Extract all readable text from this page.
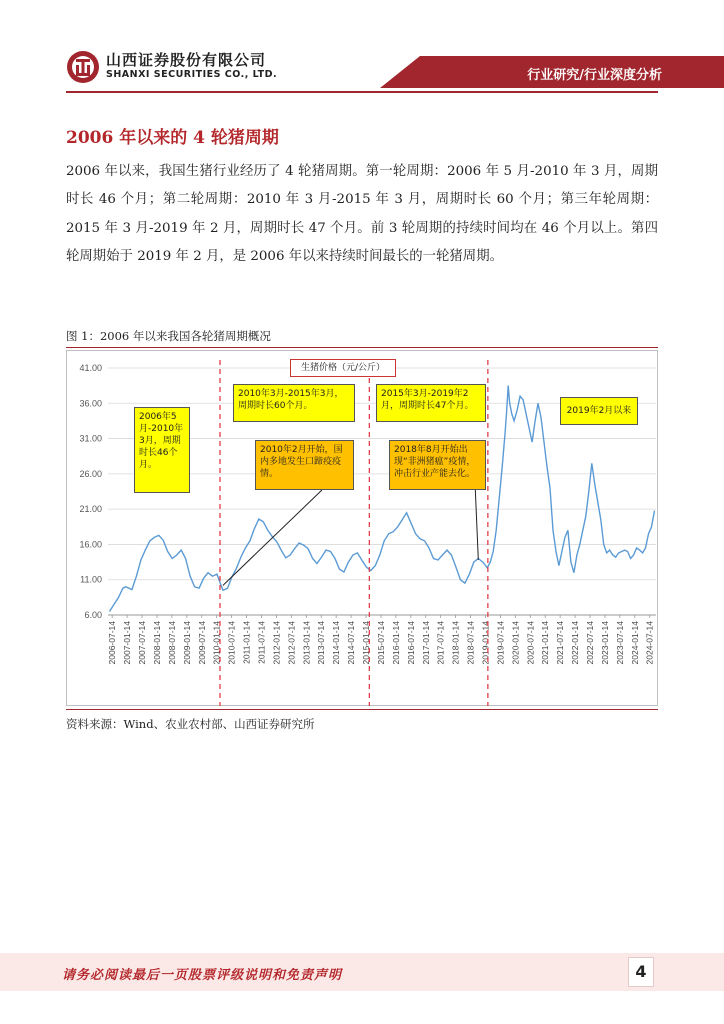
山西证券股份有限公司
SHANXI SECURITIES CO., LTD.	行业研究/行业深度分析
2006 年以来的 4 轮猪周期
2006 年以来，我国生猪行业经历了 4 轮猪周期。第一轮周期：2006 年 5 月-2010 年 3 月，周期时长 46 个月；第二轮周期：2010 年 3 月-2015 年 3 月，周期时长 60 个月；第三年轮周期：2015 年 3 月-2019 年 2 月，周期时长 47 个月。前 3 轮周期的持续时间均在 46 个月以上。第四轮周期始于 2019 年 2 月，是 2006 年以来持续时间最长的一轮猪周期。
图 1：2006 年以来我国各轮猪周期概况
41.00
36.00
31.00
26.00
21.00
16.00
11.00
6.00
2006-07-14 2007-01-14 2007-07-14 2008-01-14 2008-07-14 2009-01-14 2009-07-14 2010-01-14 2010-07-14 2011-01-14 2011-07-14 2012-01-14 2012-07-14 2013-01-14 2013-07-14 2014-01-14 2014-07-14 2015-01-14 2015-07-14 2016-01-14 2016-07-14 2017-01-14 2017-07-14 2018-01-14 2018-07-14 2019-01-14 2019-07-14 2020-01-14 2020-07-14 2021-01-14 2021-07-14 2022-01-14 2022-07-14 2023-01-14 2023-07-14 2024-01-14 2024-07-14
生猪价格（元/公斤）
2006年5月-2010年3月，周期时长46个月。
2010年3月-2015年3月，周期时长60个月。
2015年3月-2019年2月，周期时长47个月。	2019年2月以来
2010年2月开始，国内多地发生口蹄疫疫情。
2018年8月开始出现“非洲猪瘟”疫情，冲击行业产能去化。
资料来源：Wind、农业农村部、山西证券研究所
请务必阅读最后一页股票评级说明和免责声明	4
